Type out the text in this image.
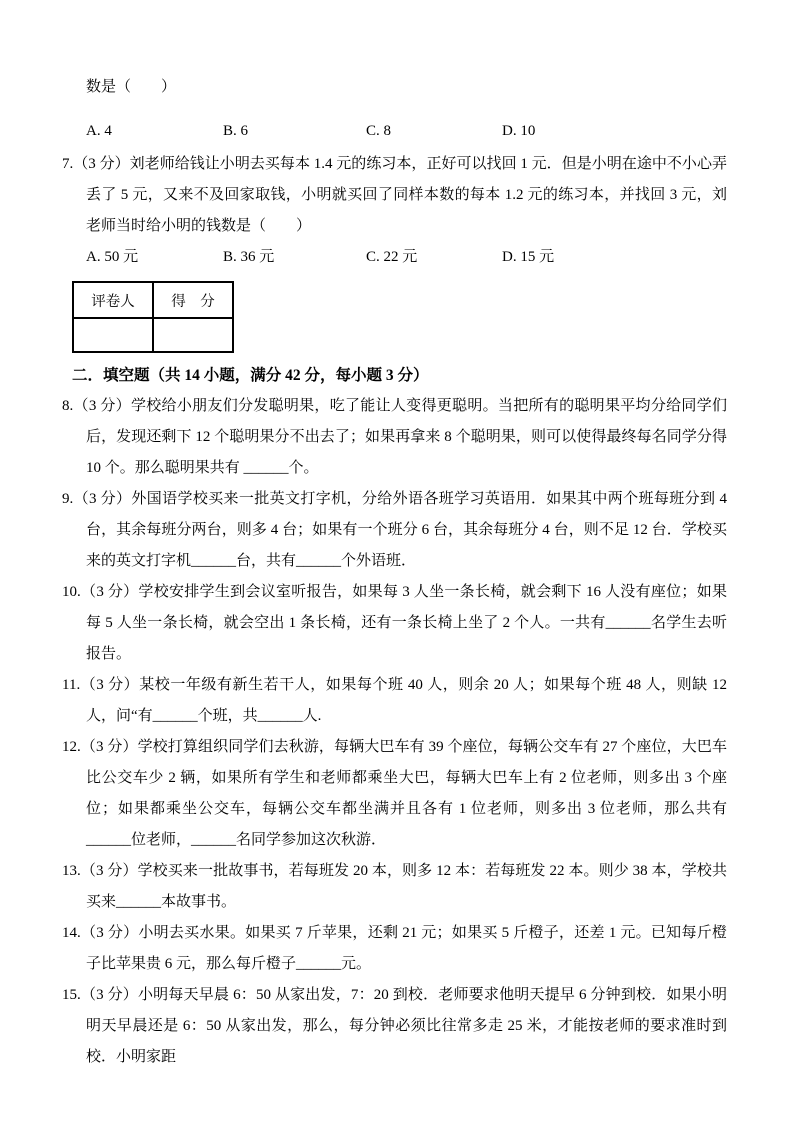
数是（　　）

A. 4	B. 6	C. 8	D. 10

7.（3 分）刘老师给钱让小明去买每本 1.4 元的练习本，正好可以找回 1 元．但是小明在途中不小心弄丢了 5 元，又来不及回家取钱，小明就买回了同样本数的每本 1.2 元的练习本，并找回 3 元，刘老师当时给小明的钱数是（　　）

A. 50 元	B. 36 元	C. 22 元	D. 15 元
评卷人	得　分

二．填空题（共 14 小题，满分 42 分，每小题 3 分）

8.（3 分）学校给小朋友们分发聪明果，吃了能让人变得更聪明。当把所有的聪明果平均分给同学们后，发现还剩下 12 个聪明果分不出去了；如果再拿来 8 个聪明果，则可以使得最终每名同学分得 10 个。那么聪明果共有 ______个。

9.（3 分）外国语学校买来一批英文打字机，分给外语各班学习英语用．如果其中两个班每班分到 4 台，其余每班分两台，则多 4 台；如果有一个班分 6 台，其余每班分 4 台，则不足 12 台．学校买来的英文打字机______台，共有______个外语班．

10.（3 分）学校安排学生到会议室听报告，如果每 3 人坐一条长椅，就会剩下 16 人没有座位；如果每 5 人坐一条长椅，就会空出 1 条长椅，还有一条长椅上坐了 2 个人。一共有______名学生去听报告。

11.（3 分）某校一年级有新生若干人，如果每个班 40 人，则余 20 人；如果每个班 48 人，则缺 12 人，问“有______个班，共______人.

12.（3 分）学校打算组织同学们去秋游，每辆大巴车有 39 个座位，每辆公交车有 27 个座位，大巴车比公交车少 2 辆，如果所有学生和老师都乘坐大巴，每辆大巴车上有 2 位老师，则多出 3 个座位；如果都乘坐公交车，每辆公交车都坐满并且各有 1 位老师，则多出 3 位老师，那么共有______位老师，______名同学参加这次秋游．

13.（3 分）学校买来一批故事书，若每班发 20 本，则多 12 本：若每班发 22 本。则少 38 本，学校共买来______本故事书。

14.（3 分）小明去买水果。如果买 7 斤苹果，还剩 21 元；如果买 5 斤橙子，还差 1 元。已知每斤橙子比苹果贵 6 元，那么每斤橙子______元。

15.（3 分）小明每天早晨 6：50 从家出发，7：20 到校．老师要求他明天提早 6 分钟到校．如果小明明天早晨还是 6：50 从家出发，那么，每分钟必须比往常多走 25 米，才能按老师的要求准时到校．小明家距
